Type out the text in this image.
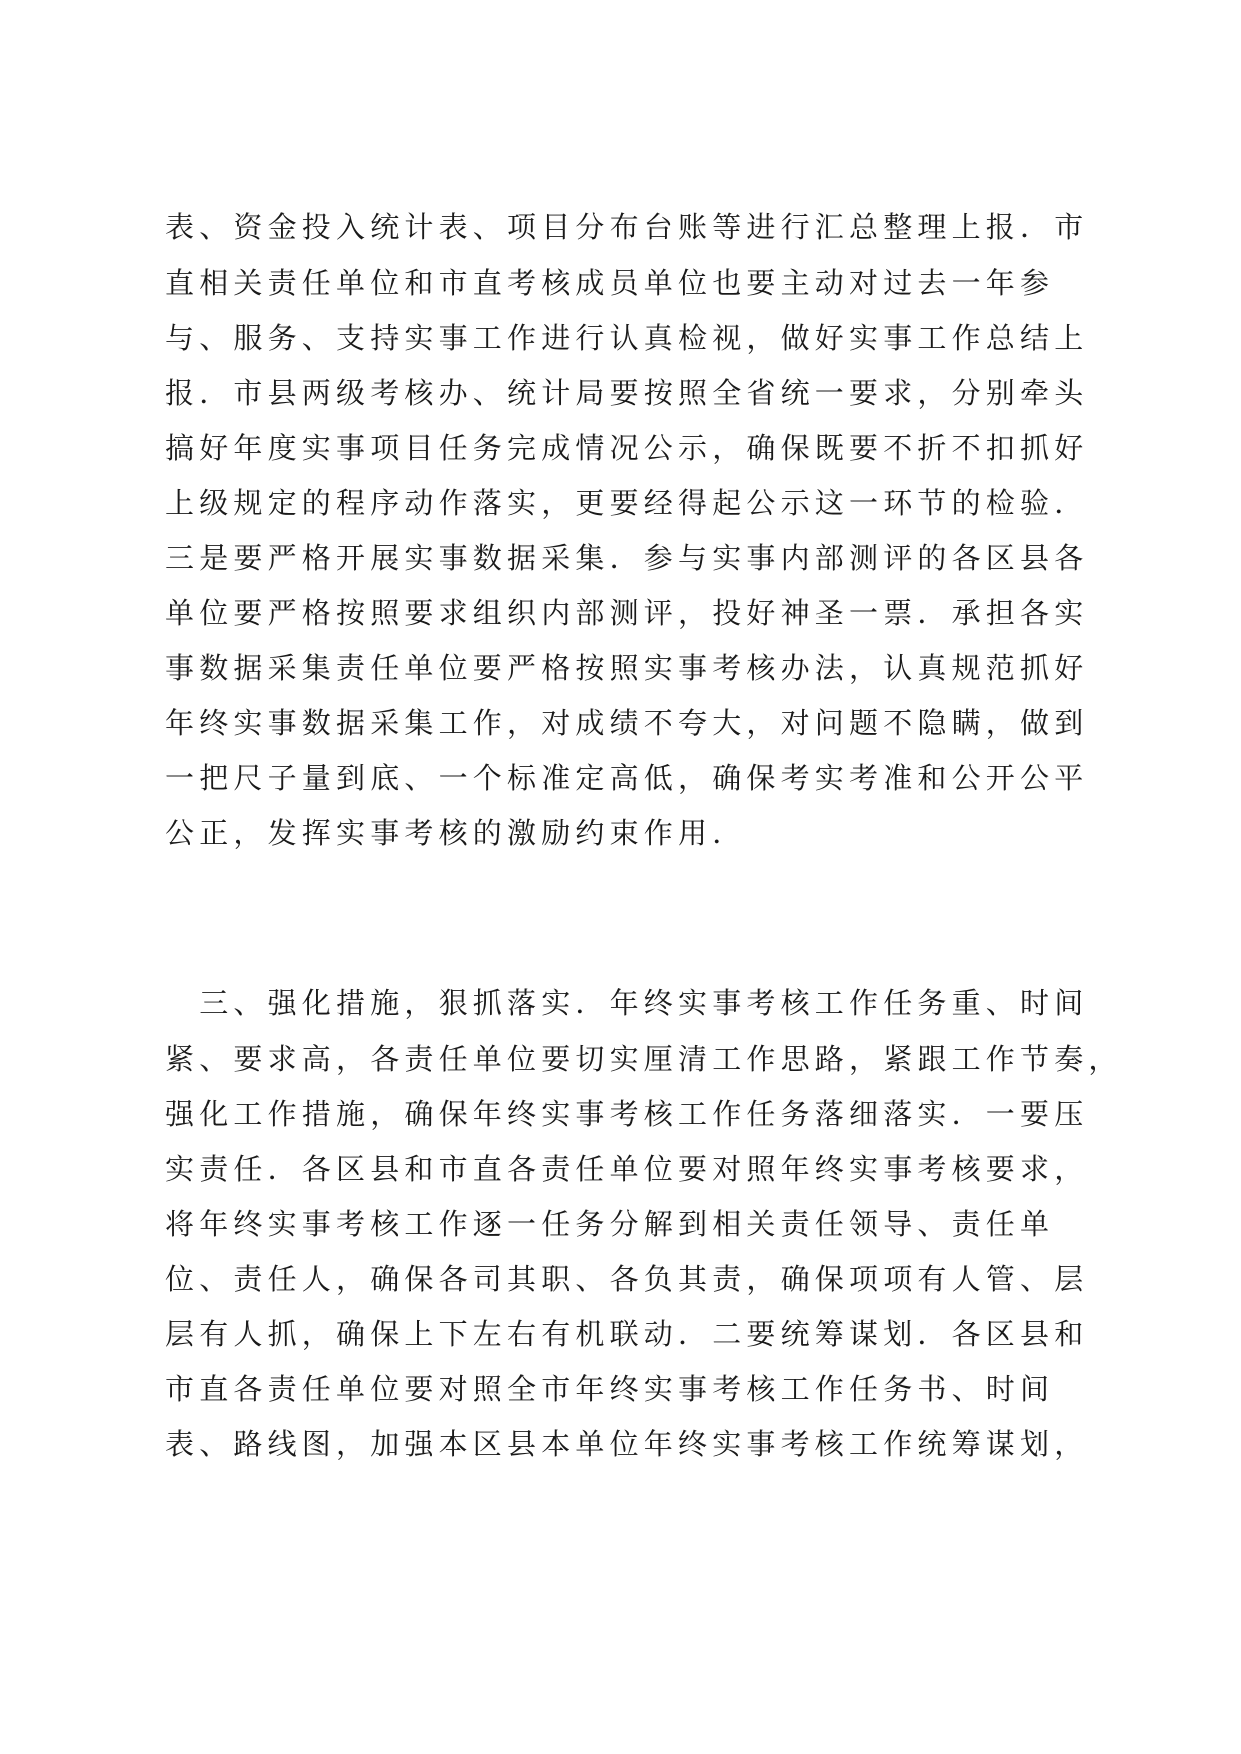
表、资金投入统计表、项目分布台账等进行汇总整理上报．市
直相关责任单位和市直考核成员单位也要主动对过去一年参
与、服务、支持实事工作进行认真检视，做好实事工作总结上
报．市县两级考核办、统计局要按照全省统一要求，分别牵头
搞好年度实事项目任务完成情况公示，确保既要不折不扣抓好
上级规定的程序动作落实，更要经得起公示这一环节的检验．
三是要严格开展实事数据采集．参与实事内部测评的各区县各
单位要严格按照要求组织内部测评，投好神圣一票．承担各实
事数据采集责任单位要严格按照实事考核办法，认真规范抓好
年终实事数据采集工作，对成绩不夸大，对问题不隐瞒，做到
一把尺子量到底、一个标准定高低，确保考实考准和公开公平
公正，发挥实事考核的激励约束作用．
　三、强化措施，狠抓落实．年终实事考核工作任务重、时间
紧、要求高，各责任单位要切实厘清工作思路，紧跟工作节奏，
强化工作措施，确保年终实事考核工作任务落细落实．一要压
实责任．各区县和市直各责任单位要对照年终实事考核要求，
将年终实事考核工作逐一任务分解到相关责任领导、责任单
位、责任人，确保各司其职、各负其责，确保项项有人管、层
层有人抓，确保上下左右有机联动．二要统筹谋划．各区县和
市直各责任单位要对照全市年终实事考核工作任务书、时间
表、路线图，加强本区县本单位年终实事考核工作统筹谋划，
